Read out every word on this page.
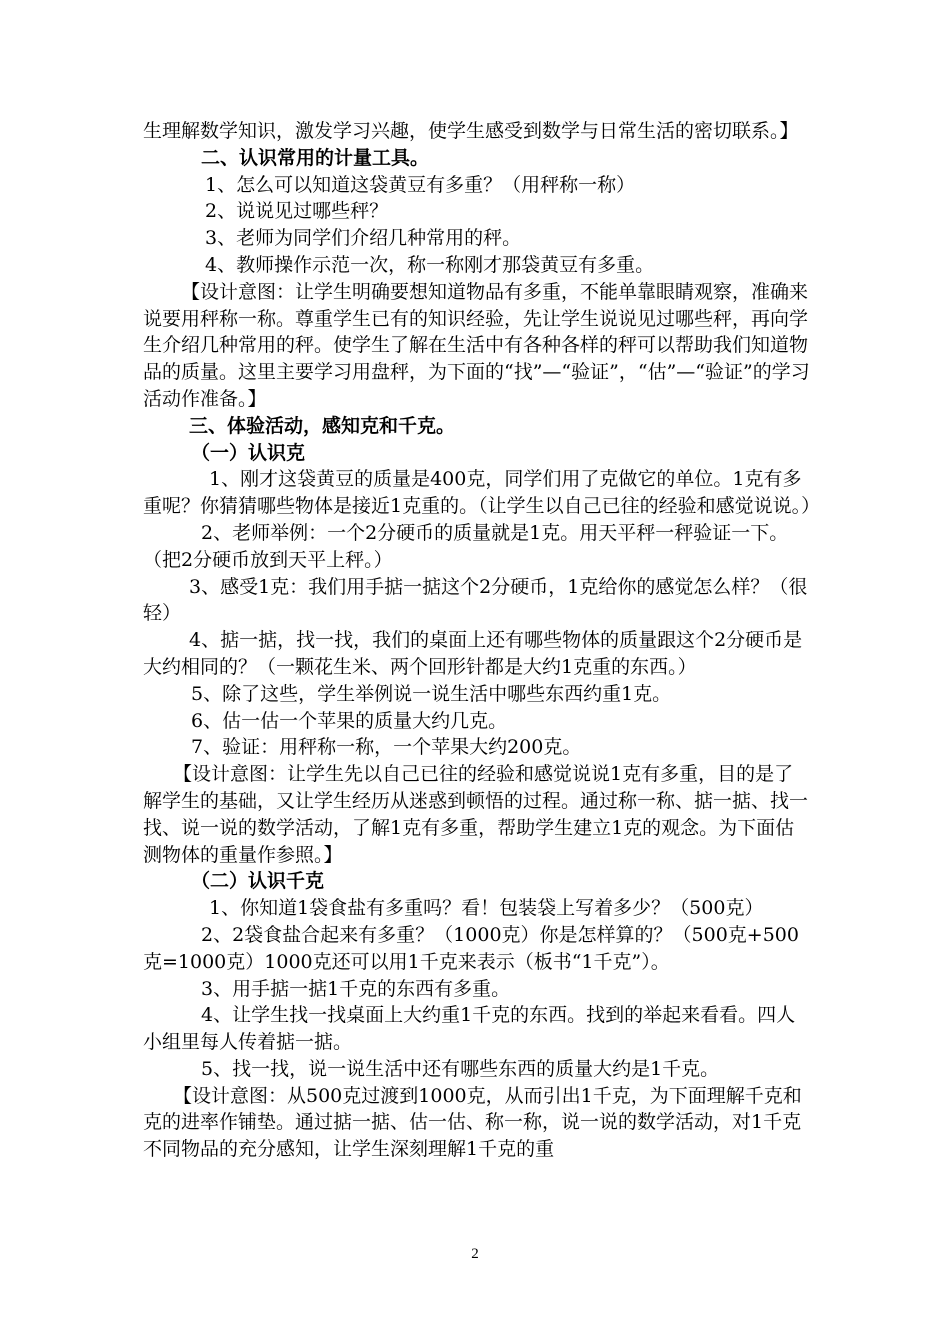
生理解数学知识，激发学习兴趣，使学生感受到数学与日常生活的密切联系。】

二、认识常用的计量工具。

1、怎么可以知道这袋黄豆有多重？（用秤称一称）

2、说说见过哪些秤？

3、老师为同学们介绍几种常用的秤。

4、教师操作示范一次，称一称刚才那袋黄豆有多重。

【设计意图：让学生明确要想知道物品有多重，不能单靠眼睛观察，准确来说要用秤称一称。尊重学生已有的知识经验，先让学生说说见过哪些秤，再向学生介绍几种常用的秤。使学生了解在生活中有各种各样的秤可以帮助我们知道物品的质量。这里主要学习用盘秤，为下面的“找”—“验证”，“估”—“验证”的学习活动作准备。】

三、体验活动，感知克和千克。

（一）认识克

1、刚才这袋黄豆的质量是400克，同学们用了克做它的单位。1克有多重呢？你猜猜哪些物体是接近1克重的。（让学生以自己已往的经验和感觉说说。）

2、老师举例：一个2分硬币的质量就是1克。用天平秤一秤验证一下。（把2分硬币放到天平上秤。）

3、感受1克：我们用手掂一掂这个2分硬币，1克给你的感觉怎么样？（很轻）

4、掂一掂，找一找，我们的桌面上还有哪些物体的质量跟这个2分硬币是大约相同的？（一颗花生米、两个回形针都是大约1克重的东西。）

5、除了这些，学生举例说一说生活中哪些东西约重1克。

6、估一估一个苹果的质量大约几克。

7、验证：用秤称一称，一个苹果大约200克。

【设计意图：让学生先以自己已往的经验和感觉说说1克有多重，目的是了解学生的基础，又让学生经历从迷惑到顿悟的过程。通过称一称、掂一掂、找一找、说一说的数学活动，了解1克有多重，帮助学生建立1克的观念。为下面估测物体的重量作参照。】

（二）认识千克

1、你知道1袋食盐有多重吗？看！包装袋上写着多少？（500克）

2、2袋食盐合起来有多重？（1000克）你是怎样算的？（500克+500克=1000克）1000克还可以用1千克来表示（板书“1千克”）。

3、用手掂一掂1千克的东西有多重。

4、让学生找一找桌面上大约重1千克的东西。找到的举起来看看。四人小组里每人传着掂一掂。

5、找一找，说一说生活中还有哪些东西的质量大约是1千克。

【设计意图：从500克过渡到1000克，从而引出1千克，为下面理解千克和克的进率作铺垫。通过掂一掂、估一估、称一称，说一说的数学活动，对1千克不同物品的充分感知，让学生深刻理解1千克的重

2
